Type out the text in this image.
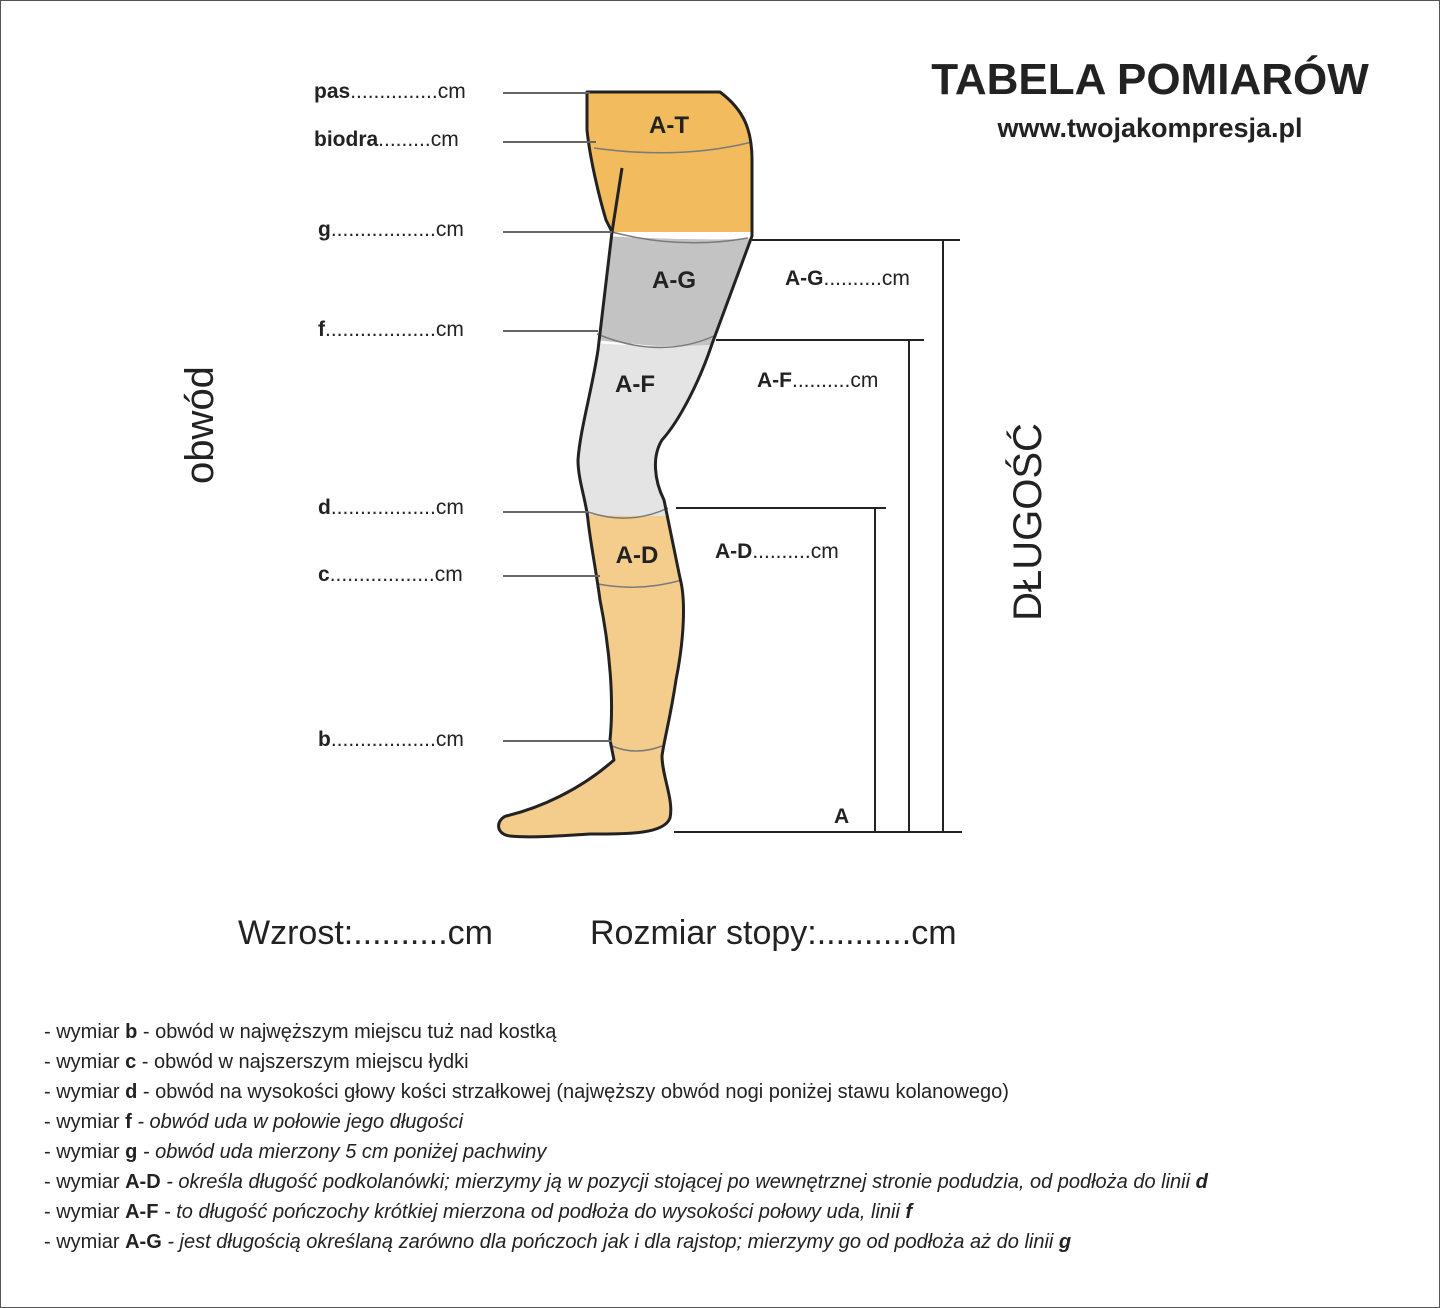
A-T
A-G
A-F
A-D
pas...............cm
biodra.........cm
g..................cm
f...................cm
d..................cm
c..................cm
b..................cm
A-G..........cm
A-F..........cm
A-D..........cm
A
obwód	DŁUGOŚĆ
Wzrost:..........cm	Rozmiar stopy:..........cm
TABELA POMIARÓW
www.twojakompresja.pl
- wymiar b - obwód w najwęższym miejscu tuż nad kostką
- wymiar c - obwód w najszerszym miejscu łydki
- wymiar d - obwód na wysokości głowy kości strzałkowej (najwęższy obwód nogi poniżej stawu kolanowego)
- wymiar f - obwód uda w połowie jego długości
- wymiar g - obwód uda mierzony 5 cm poniżej pachwiny
- wymiar A-D - określa długość podkolanówki; mierzymy ją w pozycji stojącej po wewnętrznej stronie podudzia, od podłoża do linii d
- wymiar A-F - to długość pończochy krótkiej mierzona od podłoża do wysokości połowy uda, linii f
- wymiar A-G - jest długością określaną zarówno dla pończoch jak i dla rajstop; mierzymy go od podłoża aż do linii g
